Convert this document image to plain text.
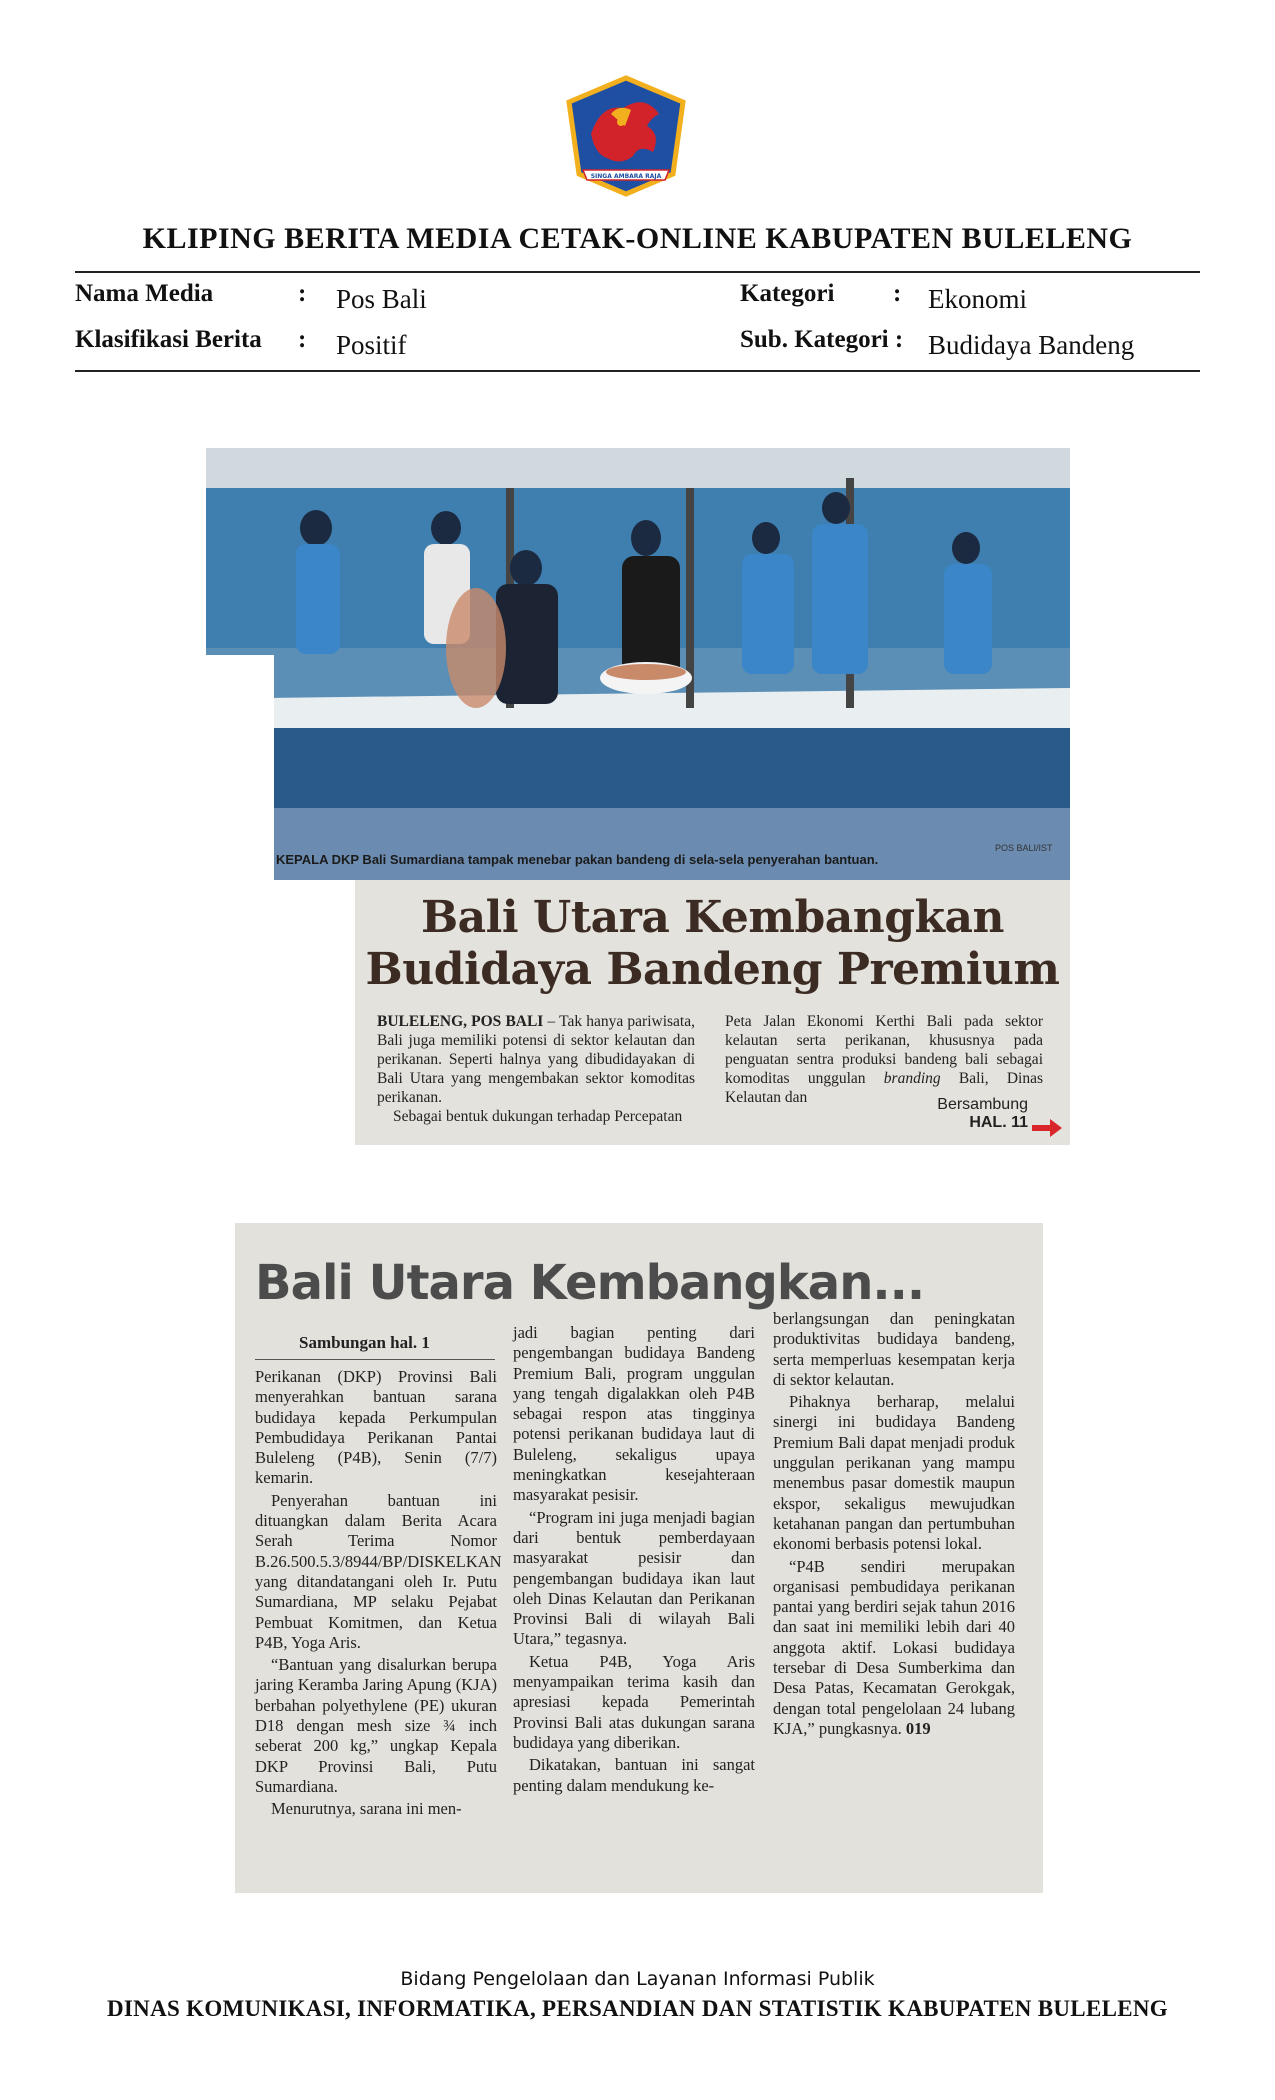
SINGA AMBARA RAJA
KLIPING BERITA MEDIA CETAK-ONLINE KABUPATEN BULELENG
Nama Media	: Pos Bali	Kategori : Ekonomi
Klasifikasi Berita : Positif	Sub. Kategori : Budidaya Bandeng
KEPALA DKP Bali Sumardiana tampak menebar pakan bandeng di sela-sela penyerahan bantuan.
POS BALI/IST
Bali Utara Kembangkan
Budidaya Bandeng Premium
BULELENG, POS BALI – Tak hanya pariwisata, Bali juga memiliki potensi di sektor kelautan dan perikanan. Seperti halnya yang dibudidayakan di Bali Utara yang mengembakan sektor komoditas perikanan.
Sebagai bentuk dukungan terhadap Percepatan
Peta Jalan Ekonomi Kerthi Bali pada sektor kelautan serta perikanan, khususnya pada penguatan sentra produksi bandeng bali sebagai komoditas unggulan branding Bali, Dinas Kelautan dan	Bersambung
HAL. 11
Bali Utara Kembangkan...
Sambungan hal. 1

Perikanan (DKP) Provinsi Bali menyerahkan bantuan sarana budidaya kepada Perkumpulan Pembudidaya Perikanan Pantai Buleleng (P4B), Senin (7/7) kemarin.

Penyerahan bantuan ini dituangkan dalam Berita Acara Serah Terima Nomor B.26.500.5.3/8944/BP/DISKELKAN yang ditandatangani oleh Ir. Putu Sumardiana, MP selaku Pejabat Pembuat Komitmen, dan Ketua P4B, Yoga Aris.

“Bantuan yang disalurkan berupa jaring Keramba Jaring Apung (KJA) berbahan polyethylene (PE) ukuran D18 dengan mesh size ¾ inch seberat 200 kg,” ungkap Kepala DKP Provinsi Bali, Putu Sumardiana.

Menurutnya, sarana ini men-

jadi bagian penting dari pengembangan budidaya Bandeng Premium Bali, program unggulan yang tengah digalakkan oleh P4B sebagai respon atas tingginya potensi perikanan budidaya laut di Buleleng, sekaligus upaya meningkatkan kesejahteraan masyarakat pesisir.

“Program ini juga menjadi bagian dari bentuk pemberdayaan masyarakat pesisir dan pengembangan budidaya ikan laut oleh Dinas Kelautan dan Perikanan Provinsi Bali di wilayah Bali Utara,” tegasnya.

Ketua P4B, Yoga Aris menyampaikan terima kasih dan apresiasi kepada Pemerintah Provinsi Bali atas dukungan sarana budidaya yang diberikan.

Dikatakan, bantuan ini sangat penting dalam mendukung ke-

berlangsungan dan peningkatan produktivitas budidaya bandeng, serta memperluas kesempatan kerja di sektor kelautan.

Pihaknya berharap, melalui sinergi ini budidaya Bandeng Premium Bali dapat menjadi produk unggulan perikanan yang mampu menembus pasar domestik maupun ekspor, sekaligus mewujudkan ketahanan pangan dan pertumbuhan ekonomi berbasis potensi lokal.

“P4B sendiri merupakan organisasi pembudidaya perikanan pantai yang berdiri sejak tahun 2016 dan saat ini memiliki lebih dari 40 anggota aktif. Lokasi budidaya tersebar di Desa Sumberkima dan Desa Patas, Kecamatan Gerokgak, dengan total pengelolaan 24 lubang KJA,” pungkasnya. 019

Bidang Pengelolaan dan Layanan Informasi Publik
DINAS KOMUNIKASI, INFORMATIKA, PERSANDIAN DAN STATISTIK KABUPATEN BULELENG
